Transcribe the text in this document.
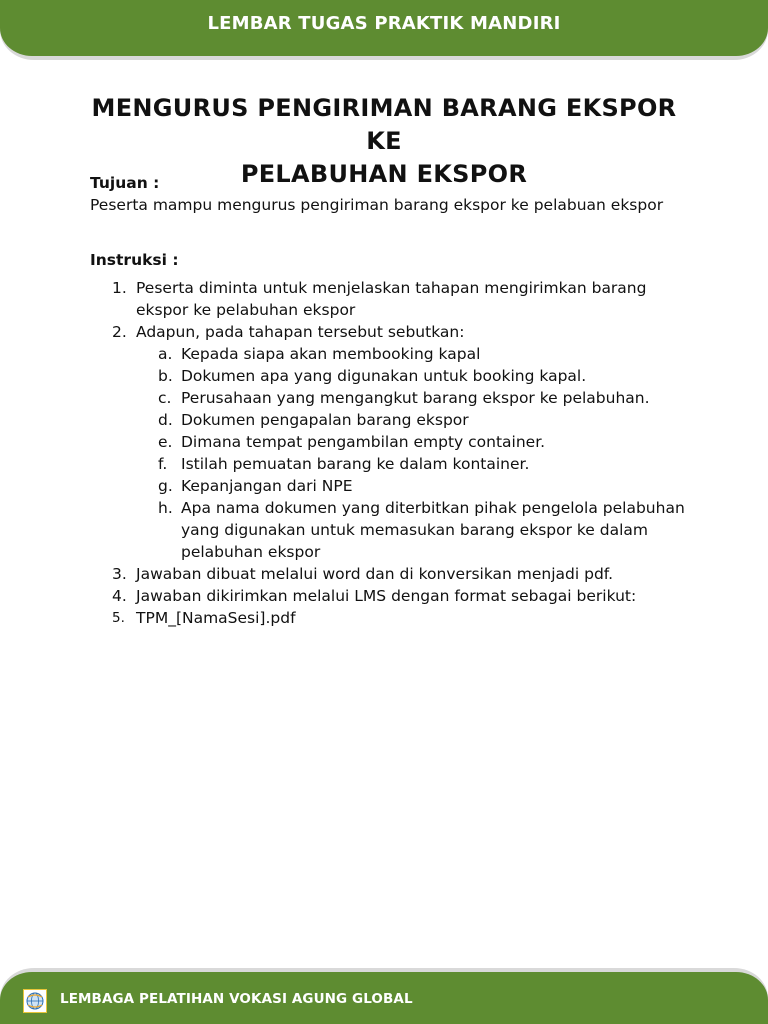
LEMBAR TUGAS PRAKTIK MANDIRI
MENGURUS PENGIRIMAN BARANG EKSPOR KE
PELABUHAN EKSPOR
Tujuan :
Peserta mampu mengurus pengiriman barang ekspor ke pelabuan ekspor
Instruksi :
1. Peserta diminta untuk menjelaskan tahapan mengirimkan barang ekspor ke pelabuhan ekspor
2. Adapun, pada tahapan tersebut sebutkan:
a. Kepada siapa akan membooking kapal
b. Dokumen apa yang digunakan untuk booking kapal.
c. Perusahaan yang mengangkut barang ekspor ke pelabuhan.
d. Dokumen pengapalan barang ekspor
e. Dimana tempat pengambilan empty container.
f. Istilah pemuatan barang ke dalam kontainer.
g. Kepanjangan dari NPE
h. Apa nama dokumen yang diterbitkan pihak pengelola pelabuhan yang digunakan untuk memasukan barang ekspor ke dalam pelabuhan ekspor
3. Jawaban dibuat melalui word dan di konversikan menjadi pdf.
4. Jawaban dikirimkan melalui LMS dengan format sebagai berikut:
5. TPM_[NamaSesi].pdf
LEMBAGA PELATIHAN VOKASI AGUNG GLOBAL
